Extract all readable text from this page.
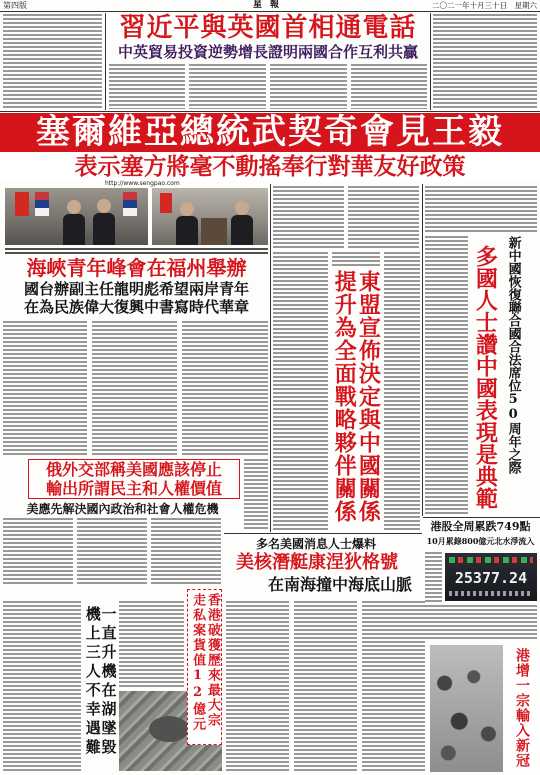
第四版	星報	二〇二一年十月三十日　星期六
習近平與英國首相通電話
中英貿易投資逆勢增長證明兩國合作互利共贏
塞爾維亞總統武契奇會見王毅
表示塞方將毫不動搖奉行對華友好政策
http://www.sengpao.com
海峽青年峰會在福州舉辦
國台辦副主任龍明彪希望兩岸青年
在為民族偉大復興中書寫時代華章
俄外交部稱美國應該停止
輸出所謂民主和人權價值
美應先解決國內政治和社會人權危機
一直升機在湖墜毀
機上三人不幸遇難	香港破獲歷來最大宗
走私案貨值12億元
東盟宣佈決定與中國關係
提升為全面戰略夥伴關係
多名美國消息人士爆料
美核潛艇康涅狄格號
在南海撞中海底山脈
多國人士讚中國表現是典範 新中國恢復聯合國合法席位50周年之際
港股全周累跌749點
10月累錄800億元北水淨流入
25377.24
港增一宗輸入新冠
